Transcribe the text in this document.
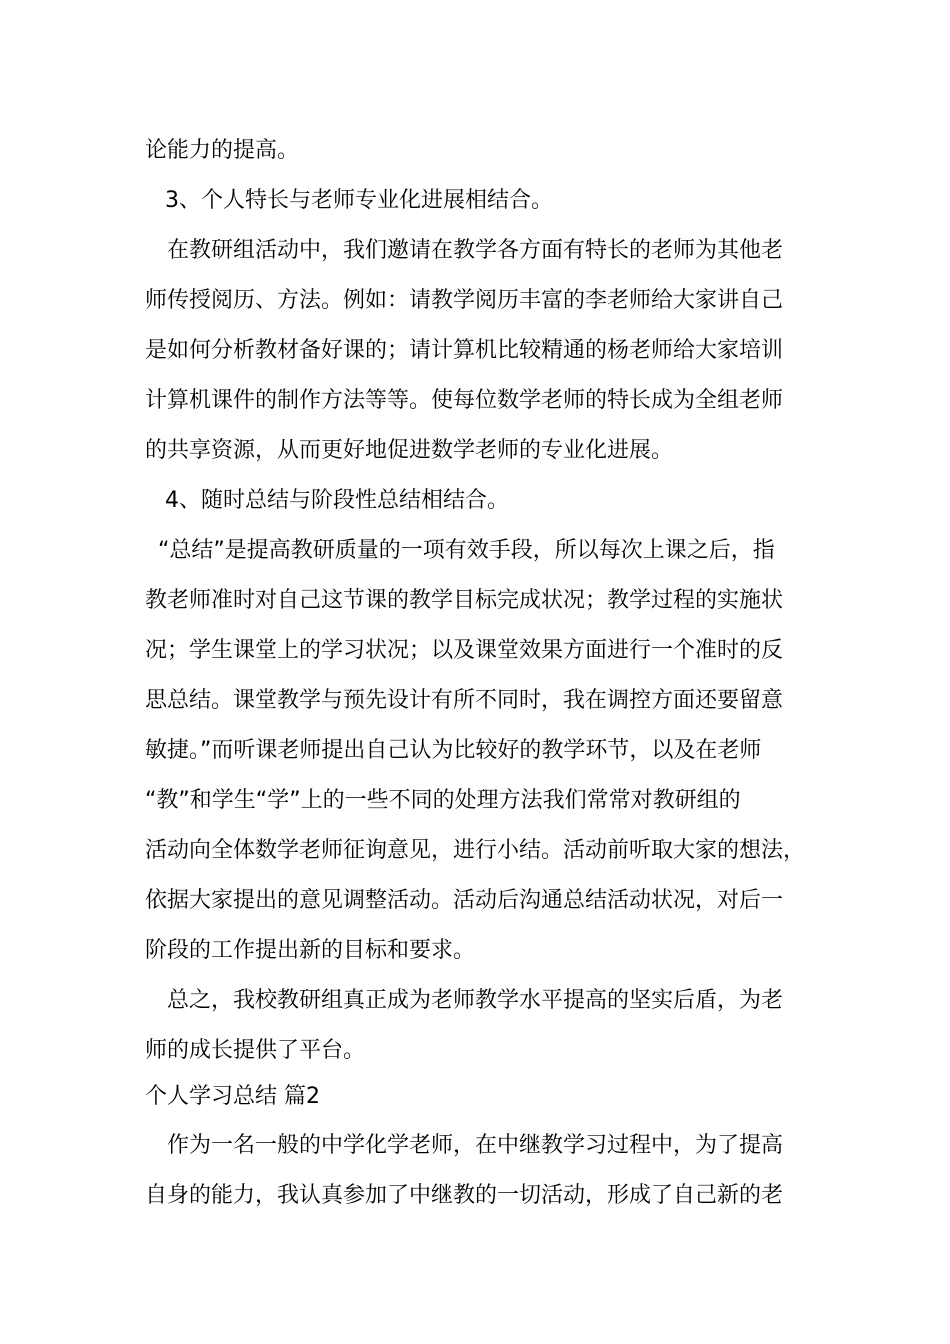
论能力的提高。
3、个人特长与老师专业化进展相结合。
在教研组活动中，我们邀请在教学各方面有特长的老师为其他老
师传授阅历、方法。例如：请教学阅历丰富的李老师给大家讲自己
是如何分析教材备好课的；请计算机比较精通的杨老师给大家培训
计算机课件的制作方法等等。使每位数学老师的特长成为全组老师
的共享资源，从而更好地促进数学老师的专业化进展。
4、随时总结与阶段性总结相结合。
“总结”是提高教研质量的一项有效手段，所以每次上课之后，指
教老师准时对自己这节课的教学目标完成状况；教学过程的实施状
况；学生课堂上的学习状况；以及课堂效果方面进行一个准时的反
思总结。课堂教学与预先设计有所不同时，我在调控方面还要留意
敏捷。”而听课老师提出自己认为比较好的教学环节，以及在老师
“教”和学生“学”上的一些不同的处理方法我们常常对教研组的
活动向全体数学老师征询意见，进行小结。活动前听取大家的想法，
依据大家提出的意见调整活动。活动后沟通总结活动状况，对后一
阶段的工作提出新的目标和要求。
总之，我校教研组真正成为老师教学水平提高的坚实后盾，为老
师的成长提供了平台。
个人学习总结 篇2
作为一名一般的中学化学老师，在中继教学习过程中，为了提高
自身的能力，我认真参加了中继教的一切活动，形成了自己新的老
